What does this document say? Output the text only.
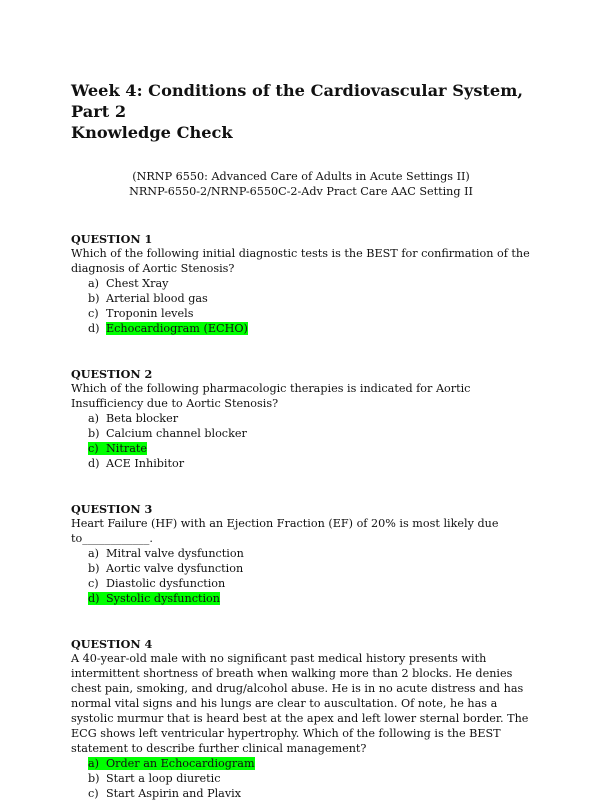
Week 4: Conditions of the Cardiovascular System, Part 2
Knowledge Check

(NRNP 6550: Advanced Care of Adults in Acute Settings II)
NRNP-6550-2/NRNP-6550C-2-Adv Pract Care AAC Setting II
QUESTION 1
Which of the following initial diagnostic tests is the BEST for confirmation of the diagnosis of Aortic Stenosis?
a) Chest Xray
b) Arterial blood gas
c) Troponin levels
d) Echocardiogram (ECHO)
QUESTION 2
Which of the following pharmacologic therapies is indicated for Aortic Insufficiency due to Aortic Stenosis?
a) Beta blocker
b) Calcium channel blocker
c) Nitrate
d) ACE Inhibitor
QUESTION 3
Heart Failure (HF) with an Ejection Fraction (EF) of 20% is most likely due to____________.
a) Mitral valve dysfunction
b) Aortic valve dysfunction
c) Diastolic dysfunction
d) Systolic dysfunction
QUESTION 4
A 40-year-old male with no significant past medical history presents with intermittent shortness of breath when walking more than 2 blocks. He denies chest pain, smoking, and drug/alcohol abuse. He is in no acute distress and has normal vital signs and his lungs are clear to auscultation. Of note, he has a systolic murmur that is heard best at the apex and left lower sternal border. The ECG shows left ventricular hypertrophy. Which of the following is the BEST statement to describe further clinical management?
a) Order an Echocardiogram
b) Start a loop diuretic
c) Start Aspirin and Plavix
